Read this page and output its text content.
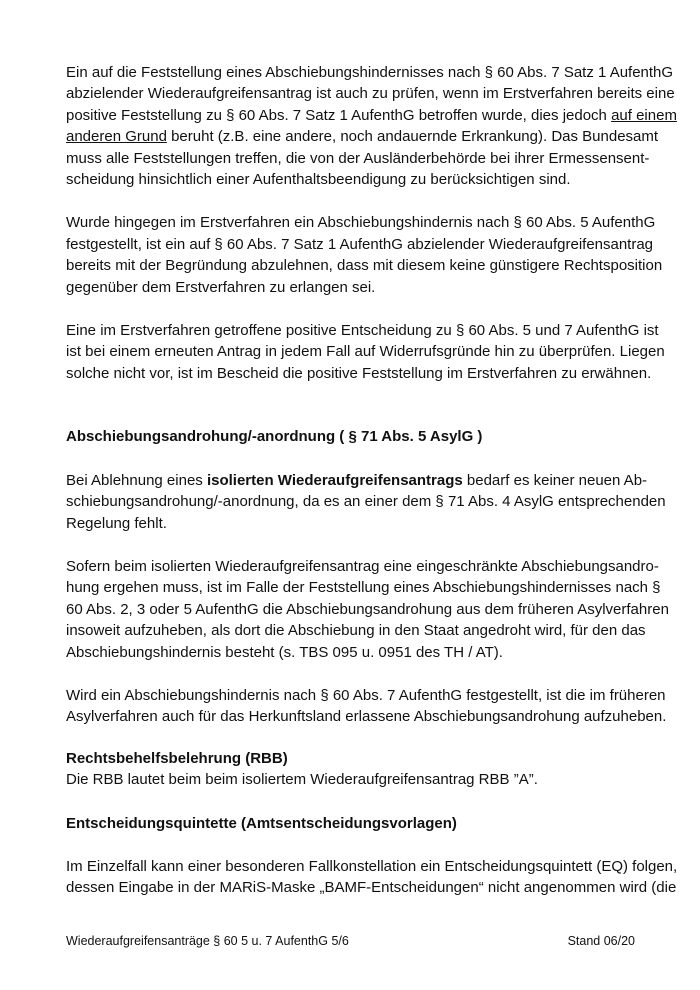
Ein auf die Feststellung eines Abschiebungshindernisses nach § 60 Abs. 7 Satz 1 AufenthG
abzielender Wiederaufgreifensantrag ist auch zu prüfen, wenn im Erstverfahren bereits eine
positive Feststellung zu § 60 Abs. 7 Satz 1 AufenthG betroffen wurde, dies jedoch auf einem
anderen Grund beruht (z.B. eine andere, noch andauernde Erkrankung). Das Bundesamt
muss alle Feststellungen treffen, die von der Ausländerbehörde bei ihrer Ermessensent-
scheidung hinsichtlich einer Aufenthaltsbeendigung zu berücksichtigen sind.
Wurde hingegen im Erstverfahren ein Abschiebungshindernis nach § 60 Abs. 5 AufenthG
festgestellt, ist ein auf § 60 Abs. 7 Satz 1 AufenthG abzielender Wiederaufgreifensantrag
bereits mit der Begründung abzulehnen, dass mit diesem keine günstigere Rechtsposition
gegenüber dem Erstverfahren zu erlangen sei.
Eine im Erstverfahren getroffene positive Entscheidung zu § 60 Abs. 5 und 7 AufenthG ist
ist bei einem erneuten Antrag in jedem Fall auf Widerrufsgründe hin zu überprüfen. Liegen
solche nicht vor, ist im Bescheid die positive Feststellung im Erstverfahren zu erwähnen.
Abschiebungsandrohung/-anordnung ( § 71 Abs. 5 AsylG )
Bei Ablehnung eines isolierten Wiederaufgreifensantrags bedarf es keiner neuen Ab-
schiebungsandrohung/-anordnung, da es an einer dem § 71 Abs. 4 AsylG entsprechenden
Regelung fehlt.
Sofern beim isolierten Wiederaufgreifensantrag eine eingeschränkte Abschiebungsandro-
hung ergehen muss, ist im Falle der Feststellung eines Abschiebungshindernisses nach §
60 Abs. 2, 3 oder 5 AufenthG die Abschiebungsandrohung aus dem früheren Asylverfahren
insoweit aufzuheben, als dort die Abschiebung in den Staat angedroht wird, für den das
Abschiebungshindernis besteht (s. TBS 095 u. 0951 des TH / AT).
Wird ein Abschiebungshindernis nach § 60 Abs. 7 AufenthG festgestellt, ist die im früheren
Asylverfahren auch für das Herkunftsland erlassene Abschiebungsandrohung aufzuheben.
Rechtsbehelfsbelehrung (RBB)
Die RBB lautet beim beim isoliertem Wiederaufgreifensantrag RBB ”A”.
Entscheidungsquintette (Amtsentscheidungsvorlagen)
Im Einzelfall kann einer besonderen Fallkonstellation ein Entscheidungsquintett (EQ) folgen,
dessen Eingabe in der MARiS-Maske „BAMF-Entscheidungen“ nicht angenommen wird (die
Wiederaufgreifensanträge § 60 5 u. 7 AufenthG 5/6	Stand 06/20
